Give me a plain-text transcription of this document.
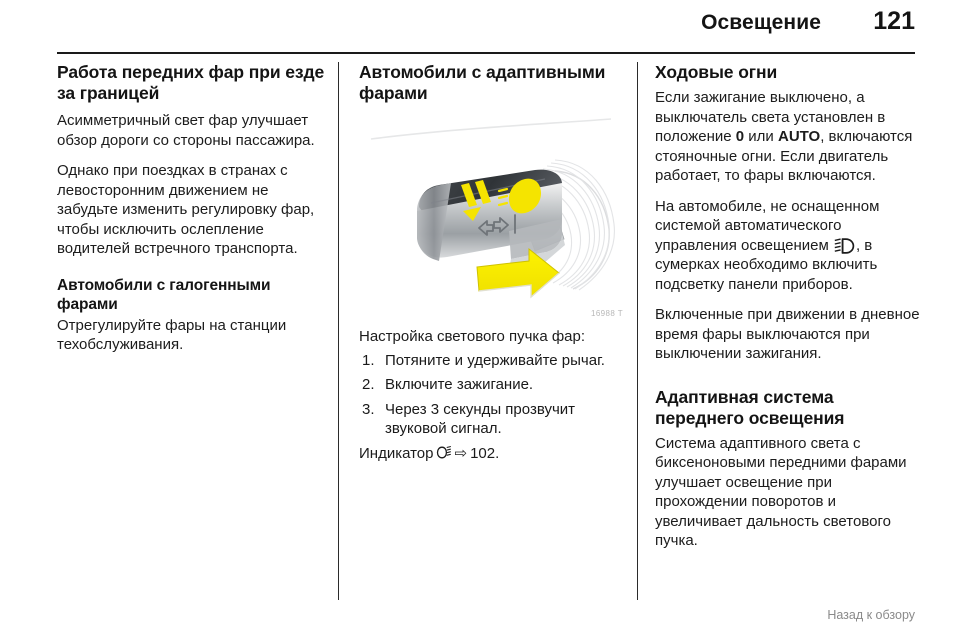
Освещение	121
Работа передних фар при езде за границей

Асимметричный свет фар улучшает обзор дороги со стороны пассажира.

Однако при поездках в странах с левосторонним движением не забудьте изменить регулировку фар, чтобы исключить ослепление водителей встречного транспорта.

Автомобили с галогенными фарами

Отрегулируйте фары на станции техобслуживания.

Автомобили с адаптивными фарами
16988 T

Настройка светового пучка фар:

Потяните и удерживайте рычаг.
Включите зажигание.
Через 3 секунды прозвучит звуковой сигнал.

Индикатор ⇨ 102.

Ходовые огни

Если зажигание выключено, а выключатель света установлен в положение 0 или AUTO, включаются стояночные огни. Если двигатель работает, то фары включаются.

На автомобиле, не оснащенном системой автоматического управления освещением
, в сумерках необходимо включить подсветку панели приборов.

Включенные при движении в дневное время фары выключаются при выключении зажигания.

Адаптивная система переднего освещения

Система адаптивного света с биксеноновыми передними фарами улучшает освещение при прохождении поворотов и увеличивает дальность светового пучка.

Назад к обзору
